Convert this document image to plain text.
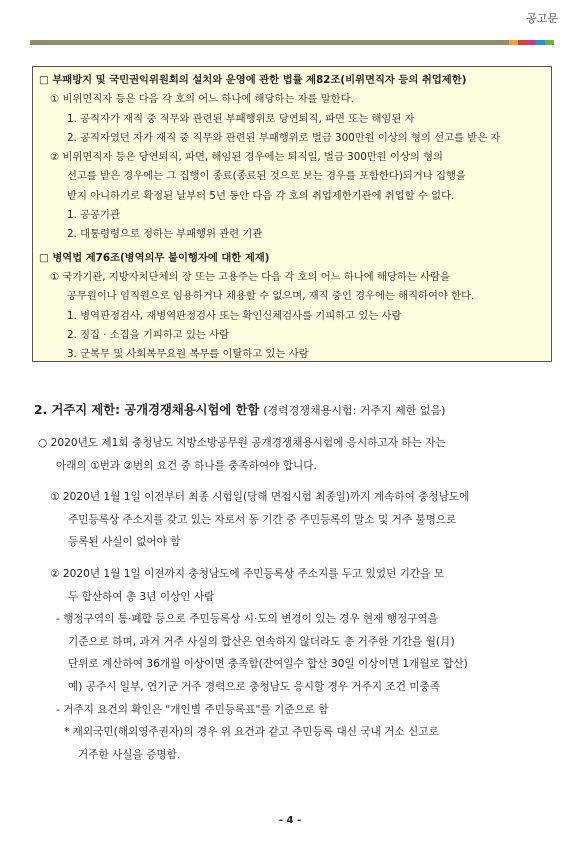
공고문
□ 부패방지 및 국민권익위원회의 설치와 운영에 관한 법률 제82조(비위면직자 등의 취업제한)
① 비위면직자 등은 다음 각 호의 어느 하나에 해당하는 자를 말한다.
1. 공직자가 재직 중 직무와 관련된 부패행위로 당연퇴직, 파면 또는 해임된 자
2. 공직자였던 자가 재직 중 직무와 관련된 부패행위로 벌금 300만원 이상의 형의 선고를 받은 자
② 비위면직자 등은 당연퇴직, 파면, 해임된 경우에는 퇴직일, 벌금 300만원 이상의 형의
선고를 받은 경우에는 그 집행이 종료(종료된 것으로 보는 경우를 포함한다)되거나 집행을
받지 아니하기로 확정된 날부터 5년 동안 다음 각 호의 취업제한기관에 취업할 수 없다.
1. 공공기관
2. 대통령령으로 정하는 부패행위 관련 기관
□ 병역법 제76조(병역의무 불이행자에 대한 제재)
① 국가기관, 지방자치단체의 장 또는 고용주는 다음 각 호의 어느 하나에 해당하는 사람을
공무원이나 임직원으로 임용하거나 채용할 수 없으며, 재직 중인 경우에는 해직하여야 한다.
1. 병역판정검사, 재병역판정검사 또는 확인신체검사를 기피하고 있는 사람
2. 징집 · 소집을 기피하고 있는 사람
3. 군복무 및 사회복무요원 복무를 이탈하고 있는 사람
2. 거주지 제한: 공개경쟁채용시험에 한함 (경력경쟁채용시험: 거주지 제한 없음)
○ 2020년도 제1회 충청남도 지방소방공무원 공개경쟁채용시험에 응시하고자 하는 자는
아래의 ①번과 ②번의 요건 중 하나를 충족하여야 합니다.
① 2020년 1월 1일 이전부터 최종 시험일(당해 면접시험 최종일)까지 계속하여 충청남도에
주민등록상 주소지를 갖고 있는 자로서 동 기간 중 주민등록의 말소 및 거주 불명으로
등록된 사실이 없어야 함
② 2020년 1월 1일 이전까지 충청남도에 주민등록상 주소지를 두고 있었던 기간을 모
두 합산하여 총 3년 이상인 사람
- 행정구역의 통·폐합 등으로 주민등록상 시·도의 변경이 있는 경우 현재 행정구역을
기준으로 하며, 과거 거주 사실의 합산은 연속하지 않더라도 총 거주한 기간을 월(月)
단위로 계산하여 36개월 이상이면 충족함(잔여일수 합산 30일 이상이면 1개월로 합산)
예) 공주시 일부, 연기군 거주 경력으로 충청남도 응시할 경우 거주지 조건 미충족
- 거주지 요건의 확인은 "개인별 주민등록표"를 기준으로 함
* 재외국민(해외영주권자)의 경우 위 요건과 같고 주민등록 대신 국내 거소 신고로
거주한 사실을 증명함.
- 4 -
